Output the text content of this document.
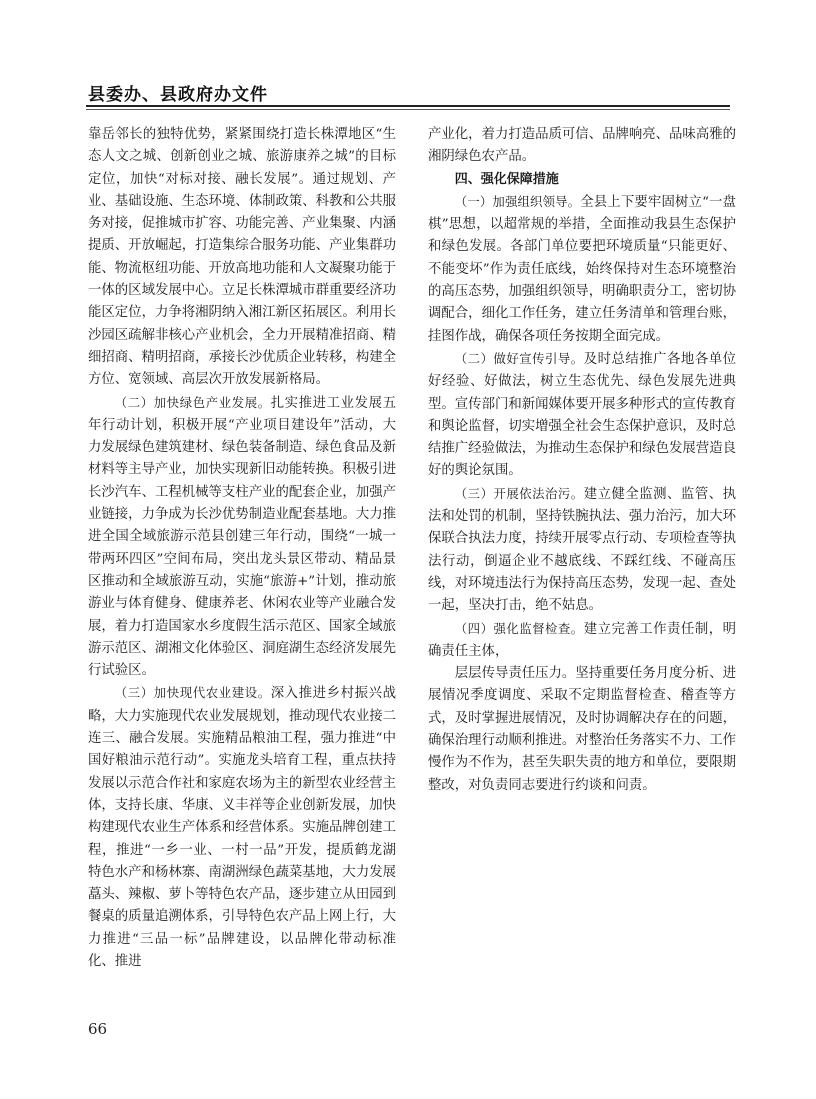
县委办、县政府办文件

靠岳邻长的独特优势，紧紧围绕打造长株潭地区“生态人文之城、创新创业之城、旅游康养之城”的目标定位，加快“对标对接、融长发展”。通过规划、产业、基础设施、生态环境、体制政策、科教和公共服务对接，促推城市扩容、功能完善、产业集聚、内涵提质、开放崛起，打造集综合服务功能、产业集群功能、物流枢纽功能、开放高地功能和人文凝聚功能于一体的区域发展中心。立足长株潭城市群重要经济功能区定位，力争将湘阴纳入湘江新区拓展区。利用长沙园区疏解非核心产业机会，全力开展精准招商、精细招商、精明招商，承接长沙优质企业转移，构建全方位、宽领域、高层次开放发展新格局。

（二）加快绿色产业发展。扎实推进工业发展五年行动计划，积极开展“产业项目建设年”活动，大力发展绿色建筑建材、绿色装备制造、绿色食品及新材料等主导产业，加快实现新旧动能转换。积极引进长沙汽车、工程机械等支柱产业的配套企业，加强产业链接，力争成为长沙优势制造业配套基地。大力推进全国全域旅游示范县创建三年行动，围绕“一城一带两环四区”空间布局，突出龙头景区带动、精品景区推动和全域旅游互动，实施“旅游+”计划，推动旅游业与体育健身、健康养老、休闲农业等产业融合发展，着力打造国家水乡度假生活示范区、国家全域旅游示范区、湖湘文化体验区、洞庭湖生态经济发展先行试验区。

（三）加快现代农业建设。深入推进乡村振兴战略，大力实施现代农业发展规划，推动现代农业接二连三、融合发展。实施精品粮油工程，强力推进“中国好粮油示范行动”。实施龙头培育工程，重点扶持发展以示范合作社和家庭农场为主的新型农业经营主体，支持长康、华康、义丰祥等企业创新发展，加快构建现代农业生产体系和经营体系。实施品牌创建工程，推进“一乡一业、一村一品”开发，提质鹤龙湖特色水产和杨林寨、南湖洲绿色蔬菜基地，大力发展藠头、辣椒、萝卜等特色农产品，逐步建立从田园到餐桌的质量追溯体系，引导特色农产品上网上行，大力推进“三品一标”品牌建设，以品牌化带动标准化、推进

产业化，着力打造品质可信、品牌响亮、品味高雅的湘阴绿色农产品。

四、强化保障措施

（一）加强组织领导。全县上下要牢固树立“一盘棋”思想，以超常规的举措，全面推动我县生态保护和绿色发展。各部门单位要把环境质量“只能更好、不能变坏”作为责任底线，始终保持对生态环境整治的高压态势，加强组织领导，明确职责分工，密切协调配合，细化工作任务，建立任务清单和管理台账，挂图作战，确保各项任务按期全面完成。

（二）做好宣传引导。及时总结推广各地各单位好经验、好做法，树立生态优先、绿色发展先进典型。宣传部门和新闻媒体要开展多种形式的宣传教育和舆论监督，切实增强全社会生态保护意识，及时总结推广经验做法，为推动生态保护和绿色发展营造良好的舆论氛围。

（三）开展依法治污。建立健全监测、监管、执法和处罚的机制，坚持铁腕执法、强力治污，加大环保联合执法力度，持续开展零点行动、专项检查等执法行动，倒逼企业不越底线、不踩红线、不碰高压线，对环境违法行为保持高压态势，发现一起、查处一起，坚决打击，绝不姑息。

（四）强化监督检查。建立完善工作责任制，明确责任主体，

层层传导责任压力。坚持重要任务月度分析、进展情况季度调度、采取不定期监督检查、稽查等方式，及时掌握进展情况，及时协调解决存在的问题，确保治理行动顺利推进。对整治任务落实不力、工作慢作为不作为，甚至失职失责的地方和单位，要限期整改，对负责同志要进行约谈和问责。

66
